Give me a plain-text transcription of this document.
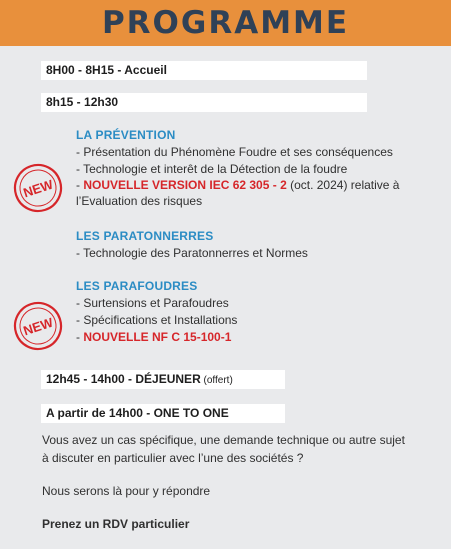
PROGRAMME
8H00 - 8H15 - Accueil
8h15 - 12h30
NEW
LA PRÉVENTION
- Présentation du Phénomène Foudre et ses conséquences
- Technologie et interêt de la Détection de la foudre
- NOUVELLE VERSION IEC 62 305 - 2 (oct. 2024) relative à
l’Evaluation des risques
LES PARATONNERRES
- Technologie des Paratonnerres et Normes
NEW
LES PARAFOUDRES
- Surtensions et Parafoudres
- Spécifications et Installations
- NOUVELLE NF C 15-100-1
12h45 - 14h00 - DÉJEUNER (offert)
A partir de 14h00 - ONE TO ONE
Vous avez un cas spécifique, une demande technique ou autre sujet à discuter en particulier avec l’une des sociétés ?
Nous serons là pour y répondre
Prenez un RDV particulier
